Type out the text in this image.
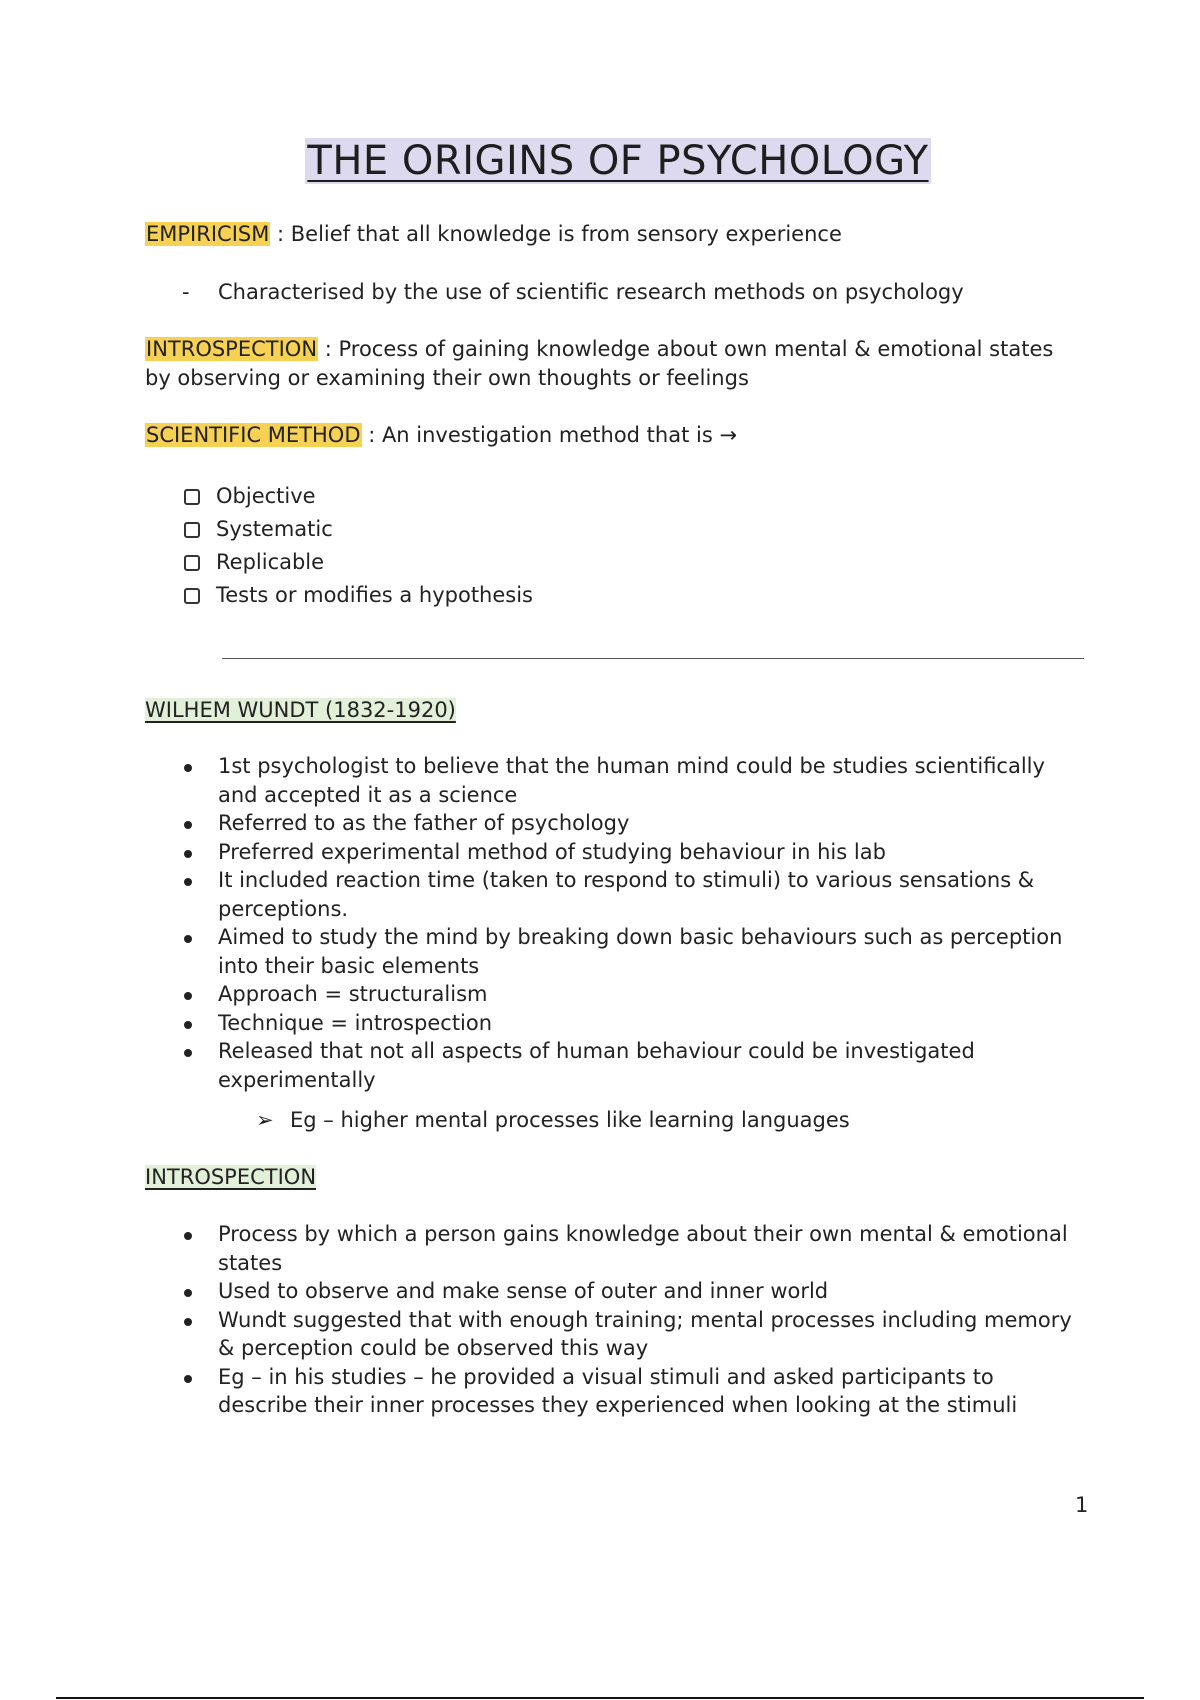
THE ORIGINS OF PSYCHOLOGY
EMPIRICISM : Belief that all knowledge is from sensory experience
- Characterised by the use of scientific research methods on psychology
INTROSPECTION : Process of gaining knowledge about own mental & emotional states by observing or examining their own thoughts or feelings
SCIENTIFIC METHOD : An investigation method that is →
Objective
Systematic
Replicable
Tests or modifies a hypothesis
WILHEM WUNDT (1832-1920)
1st psychologist to believe that the human mind could be studies scientifically and accepted it as a science
Referred to as the father of psychology
Preferred experimental method of studying behaviour in his lab
It included reaction time (taken to respond to stimuli) to various sensations & perceptions.
Aimed to study the mind by breaking down basic behaviours such as perception into their basic elements
Approach = structuralism
Technique = introspection
Released that not all aspects of human behaviour could be investigated experimentally
➢ Eg – higher mental processes like learning languages
INTROSPECTION
Process by which a person gains knowledge about their own mental & emotional states
Used to observe and make sense of outer and inner world
Wundt suggested that with enough training; mental processes including memory & perception could be observed this way
Eg – in his studies – he provided a visual stimuli and asked participants to describe their inner processes they experienced when looking at the stimuli
1
